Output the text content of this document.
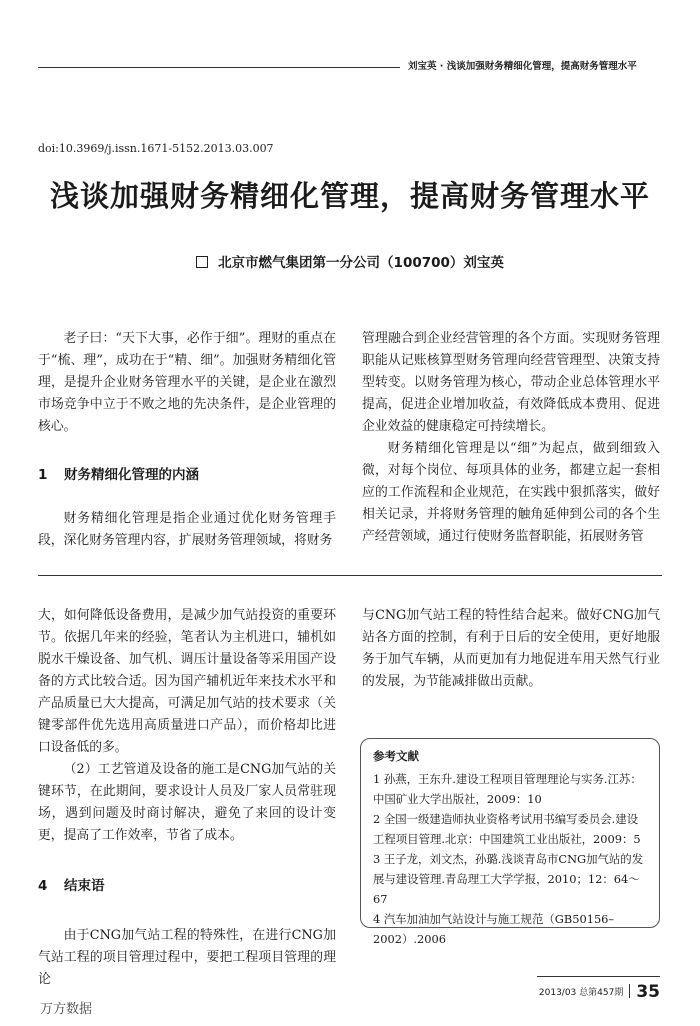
刘宝英 · 浅谈加强财务精细化管理，提高财务管理水平
doi:10.3969/j.issn.1671-5152.2013.03.007
浅谈加强财务精细化管理，提高财务管理水平
北京市燃气集团第一分公司（100700）刘宝英

老子曰：“天下大事，必作于细”。理财的重点在于“梳、理”，成功在于“精、细”。加强财务精细化管理，是提升企业财务管理水平的关键，是企业在激烈市场竞争中立于不败之地的先决条件，是企业管理的核心。

1 财务精细化管理的内涵

财务精细化管理是指企业通过优化财务管理手段，深化财务管理内容，扩展财务管理领域，将财务

管理融合到企业经营管理的各个方面。实现财务管理职能从记账核算型财务管理向经营管理型、决策支持型转变。以财务管理为核心，带动企业总体管理水平提高，促进企业增加收益，有效降低成本费用、促进企业效益的健康稳定可持续增长。

财务精细化管理是以“细”为起点，做到细致入微，对每个岗位、每项具体的业务，都建立起一套相应的工作流程和企业规范，在实践中狠抓落实，做好相关记录，并将财务管理的触角延伸到公司的各个生产经营领域，通过行使财务监督职能，拓展财务管

大，如何降低设备费用，是减少加气站投资的重要环节。依据几年来的经验，笔者认为主机进口，辅机如脱水干燥设备、加气机、调压计量设备等采用国产设备的方式比较合适。因为国产辅机近年来技术水平和产品质量已大大提高，可满足加气站的技术要求（关键零部件优先选用高质量进口产品），而价格却比进口设备低的多。

（2）工艺管道及设备的施工是CNG加气站的关键环节，在此期间，要求设计人员及厂家人员常驻现场，遇到问题及时商讨解决，避免了来回的设计变更，提高了工作效率，节省了成本。

4 结束语

由于CNG加气站工程的特殊性，在进行CNG加气站工程的项目管理过程中，要把工程项目管理的理论

与CNG加气站工程的特性结合起来。做好CNG加气站各方面的控制，有利于日后的安全使用，更好地服务于加气车辆，从而更加有力地促进车用天然气行业的发展，为节能减排做出贡献。

参考文献

1 孙燕，王东升.建设工程项目管理理论与实务.江苏：中国矿业大学出版社，2009：10

2 全国一级建造师执业资格考试用书编写委员会.建设工程项目管理.北京：中国建筑工业出版社，2009：5

3 王子龙，刘文杰，孙璐.浅谈青岛市CNG加气站的发展与建设管理.青岛理工大学学报，2010；12：64～67

4 汽车加油加气站设计与施工规范（GB50156–2002）.2006

2013/03 总第457期 35
万方数据
